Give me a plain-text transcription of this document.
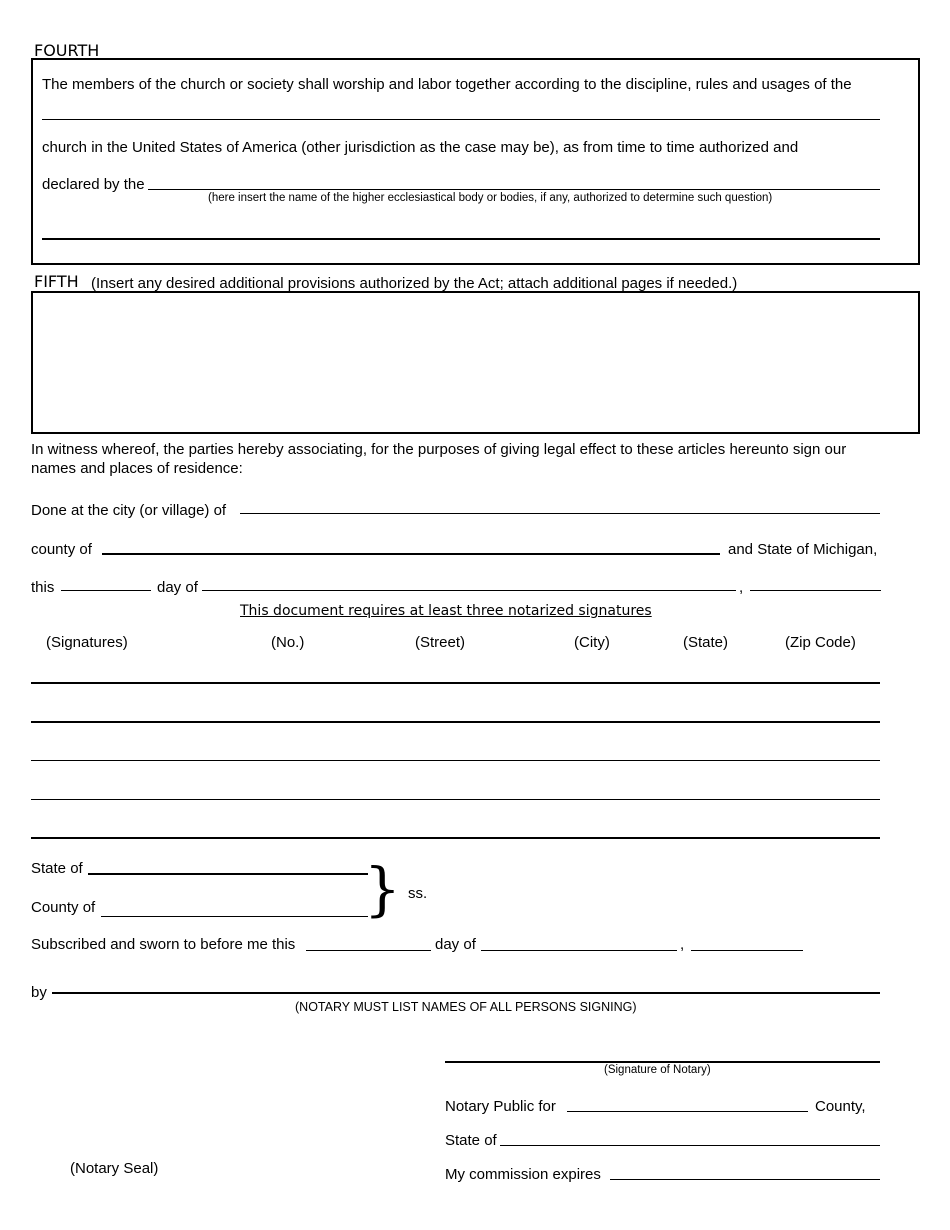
FOURTH
The members of the church or society shall worship and labor together according to the discipline, rules and usages of the
church in the United States of America (other jurisdiction as the case may be), as from time to time authorized and
declared by the
(here insert the name of the higher ecclesiastical body or bodies, if any, authorized to determine such question)
FIFTH (Insert any desired additional provisions authorized by the Act; attach additional pages if needed.)
In witness whereof, the parties hereby associating, for the purposes of giving legal effect to these articles hereunto sign our
names and places of residence:
Done at the city (or village) of
county of	and State of Michigan,
this	day of	,
This document requires at least three notarized signatures
(Signatures)	(No.)	(Street)	(City)	(State)	(Zip Code)
State of
County of	} ss.
Subscribed and sworn to before me this	day of	,
by
(NOTARY MUST LIST NAMES OF ALL PERSONS SIGNING)
(Signature of Notary)
Notary Public for	County,
State of
(Notary Seal)	My commission expires
